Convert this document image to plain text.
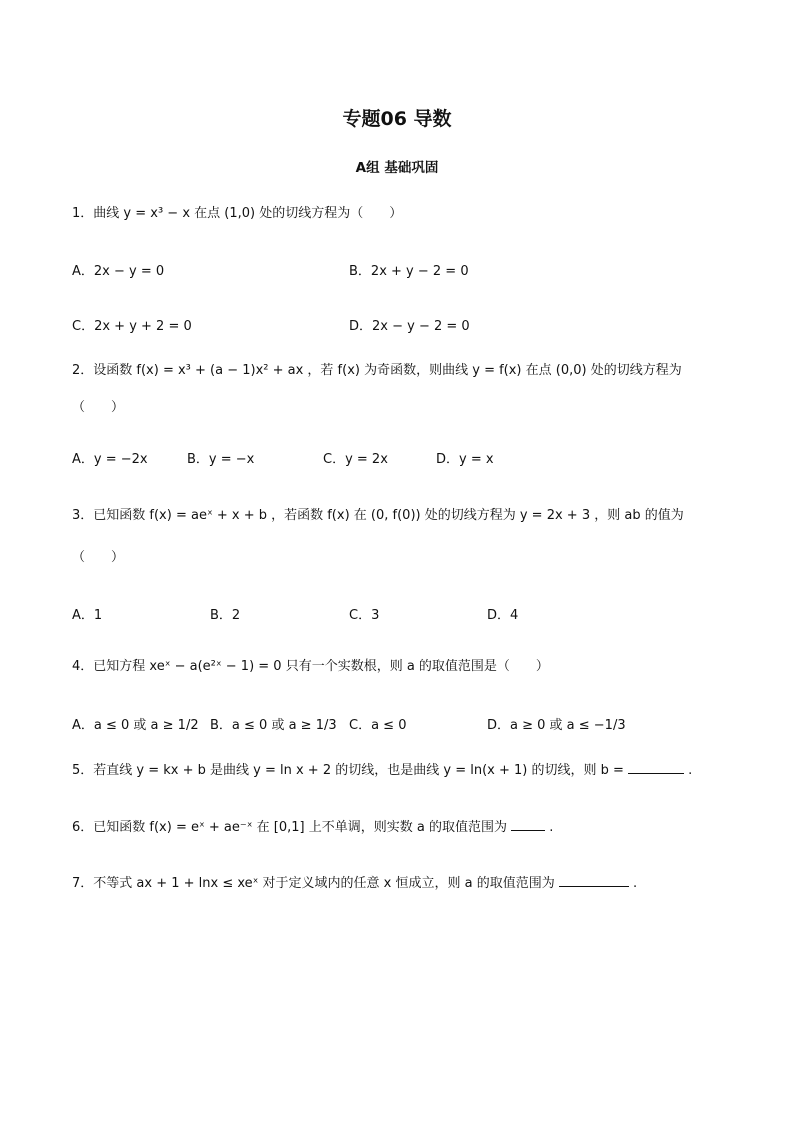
专题06 导数
A组 基础巩固
1．曲线 y = x³ − x 在点 (1,0) 处的切线方程为（　　）
A．2x − y = 0	B．2x + y − 2 = 0
C．2x + y + 2 = 0	D．2x − y − 2 = 0
2．设函数 f(x) = x³ + (a − 1)x² + ax ，若 f(x) 为奇函数，则曲线 y = f(x) 在点 (0,0) 处的切线方程为
（　　）
A．y = −2x	B．y = −x	C．y = 2x	D．y = x
3．已知函数 f(x) = aeˣ + x + b ，若函数 f(x) 在 (0, f(0)) 处的切线方程为 y = 2x + 3 ，则 ab 的值为
（　　）
A．1	B．2	C．3	D．4
4．已知方程 xeˣ − a(e²ˣ − 1) = 0 只有一个实数根，则 a 的取值范围是（　　）
A．a ≤ 0 或 a ≥ 1/2 B．a ≤ 0 或 a ≥ 1/3 C．a ≤ 0	D．a ≥ 0 或 a ≤ −1/3
5．若直线 y = kx + b 是曲线 y = ln x + 2 的切线，也是曲线 y = ln(x + 1) 的切线，则 b =	.
6．已知函数 f(x) = eˣ + ae⁻ˣ 在 [0,1] 上不单调，则实数 a 的取值范围为	.
7．不等式 ax + 1 + lnx ≤ xeˣ 对于定义域内的任意 x 恒成立，则 a 的取值范围为	.
